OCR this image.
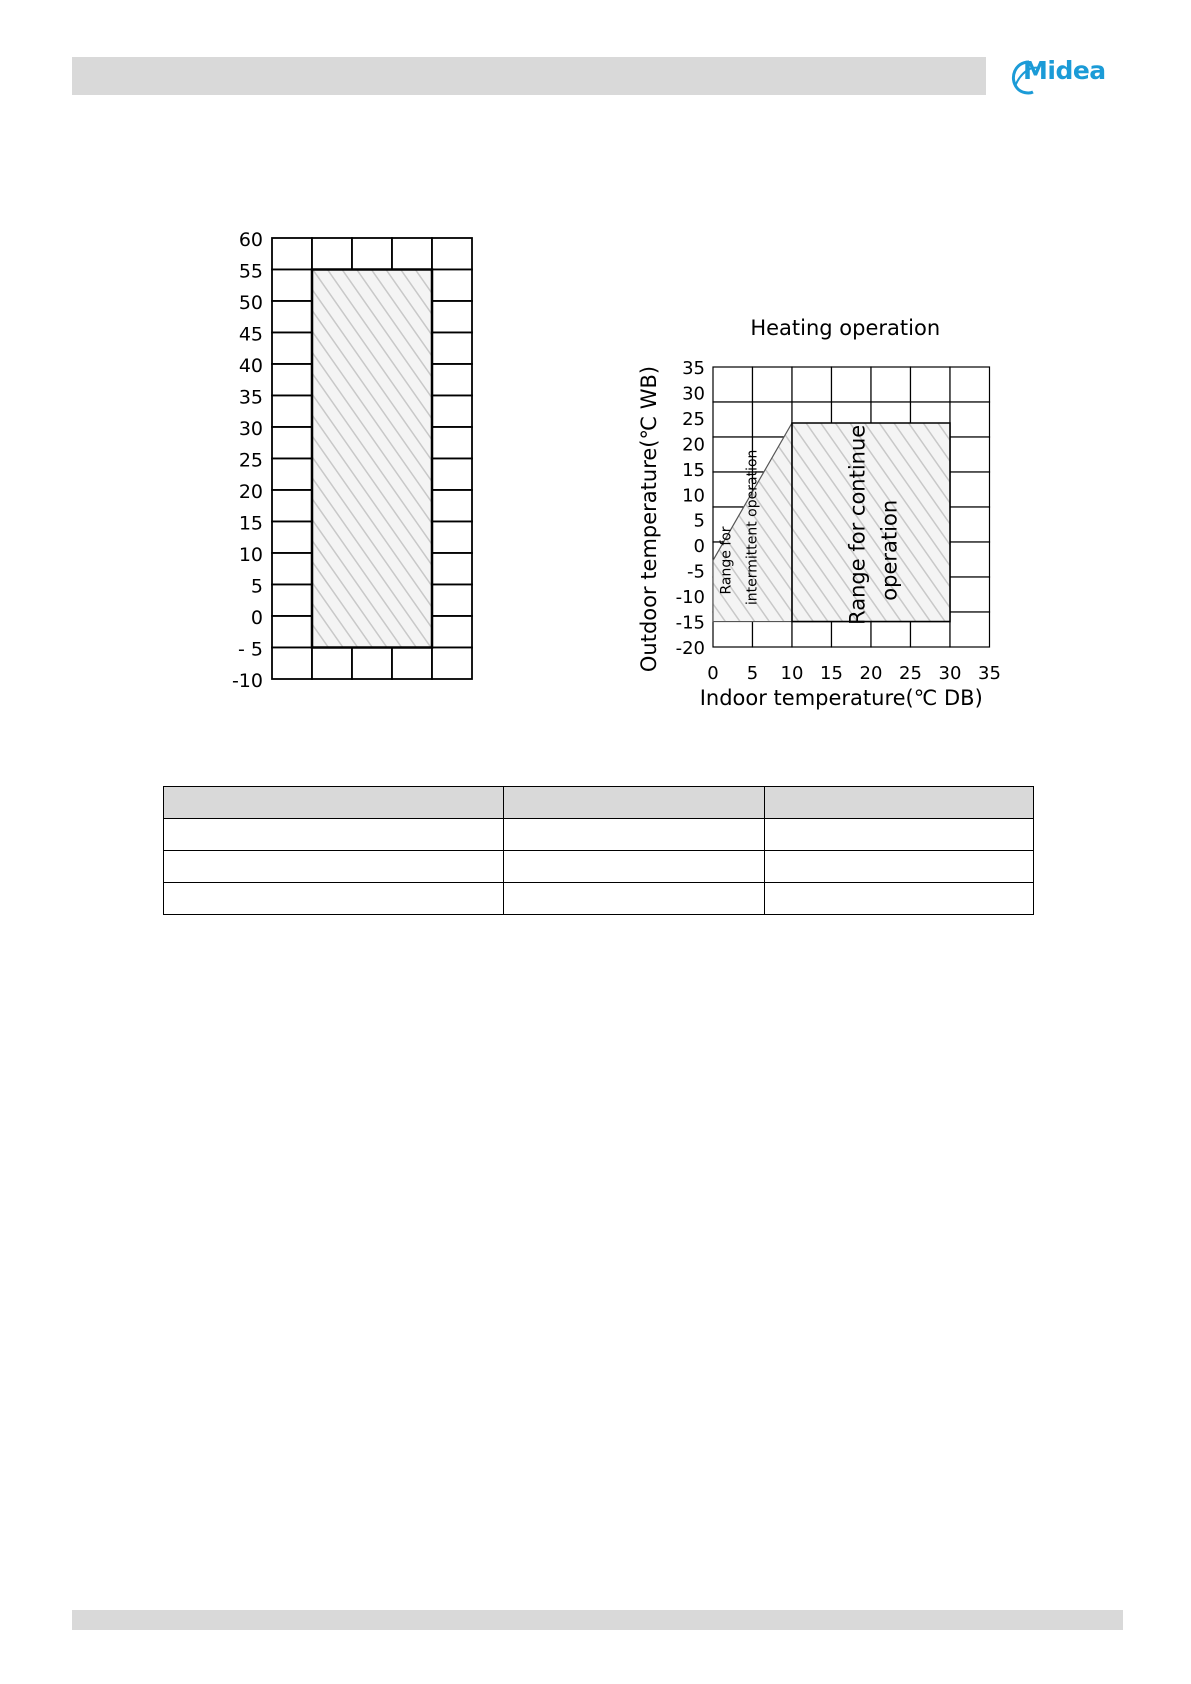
Midea
60
55
50
45
40
35
30
25
20
15
10
5
0
- 5
-10
Heating operation
35
30
25
20
15
10
5
0
-5
-10
-15
-20
0 5 10 15 20 25 30 35
Indoor temperature(℃ DB)
Outdoor temperature(℃ WB)	Range for intermittent operation	Range for continue operation
